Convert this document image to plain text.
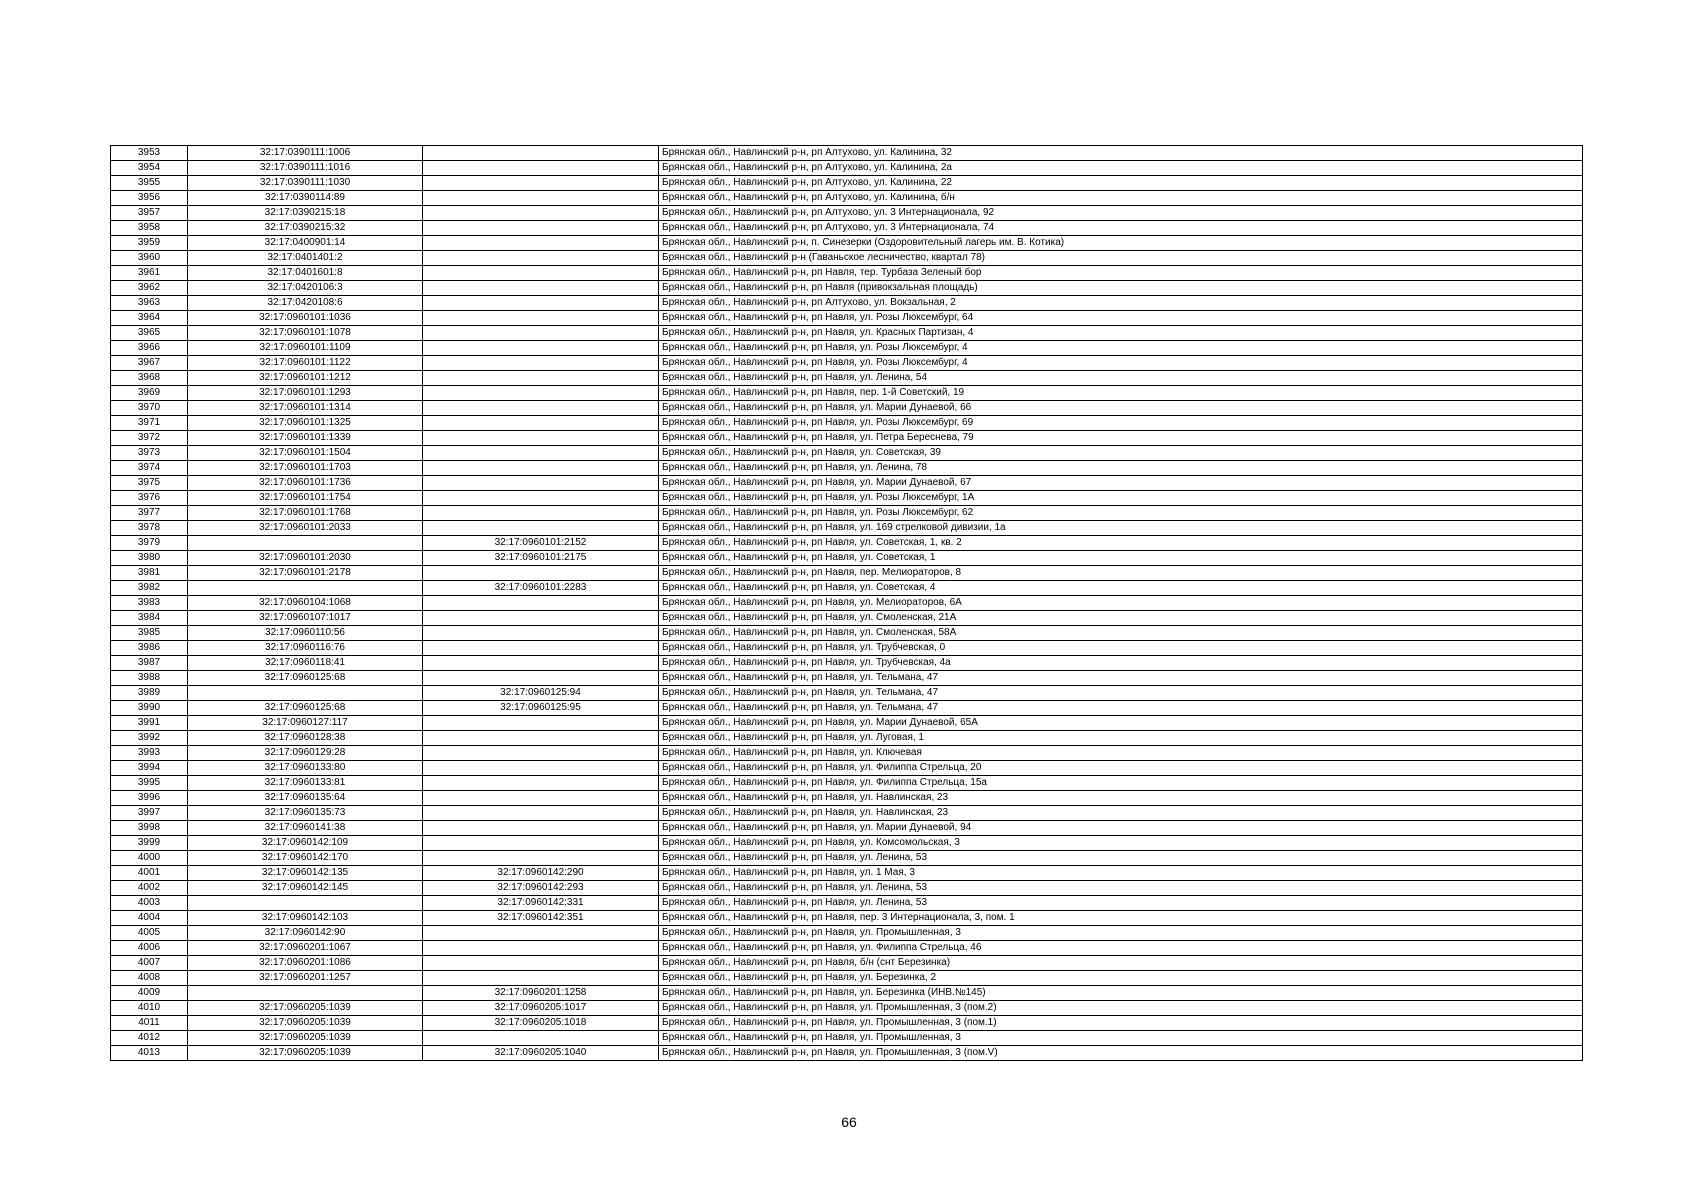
3953	32:17:0390111:1006		Брянская обл., Навлинский р-н, рп Алтухово, ул. Калинина, 32
3954	32:17:0390111:1016		Брянская обл., Навлинский р-н, рп Алтухово, ул. Калинина, 2а
3955	32:17:0390111:1030		Брянская обл., Навлинский р-н, рп Алтухово, ул. Калинина, 22
3956	32:17:0390114:89		Брянская обл., Навлинский р-н, рп Алтухово, ул. Калинина, б/н
3957	32:17:0390215:18		Брянская обл., Навлинский р-н, рп Алтухово, ул. 3 Интернационала, 92
3958	32:17:0390215:32		Брянская обл., Навлинский р-н, рп Алтухово, ул. 3 Интернационала, 74
3959	32:17:0400901:14		Брянская обл., Навлинский р-н, п. Синезерки (Оздоровительный лагерь им. В. Котика)
3960	32:17:0401401:2		Брянская обл., Навлинский р-н (Гаваньское лесничество, квартал 78)
3961	32:17:0401601:8		Брянская обл., Навлинский р-н, рп Навля, тер. Турбаза Зеленый бор
3962	32:17:0420106:3		Брянская обл., Навлинский р-н, рп Навля (привокзальная площадь)
3963	32:17:0420108:6		Брянская обл., Навлинский р-н, рп Алтухово, ул. Вокзальная, 2
3964	32:17:0960101:1036		Брянская обл., Навлинский р-н, рп Навля, ул. Розы Люксембург, 64
3965	32:17:0960101:1078		Брянская обл., Навлинский р-н, рп Навля, ул. Красных Партизан, 4
3966	32:17:0960101:1109		Брянская обл., Навлинский р-н, рп Навля, ул. Розы Люксембург, 4
3967	32:17:0960101:1122		Брянская обл., Навлинский р-н, рп Навля, ул. Розы Люксембург, 4
3968	32:17:0960101:1212		Брянская обл., Навлинский р-н, рп Навля, ул. Ленина, 54
3969	32:17:0960101:1293		Брянская обл., Навлинский р-н, рп Навля, пер. 1-й Советский, 19
3970	32:17:0960101:1314		Брянская обл., Навлинский р-н, рп Навля, ул. Марии Дунаевой, 66
3971	32:17:0960101:1325		Брянская обл., Навлинский р-н, рп Навля, ул. Розы Люксембург, 69
3972	32:17:0960101:1339		Брянская обл., Навлинский р-н, рп Навля, ул. Петра Береснева, 79
3973	32:17:0960101:1504		Брянская обл., Навлинский р-н, рп Навля, ул. Советская, 39
3974	32:17:0960101:1703		Брянская обл., Навлинский р-н, рп Навля, ул. Ленина, 78
3975	32:17:0960101:1736		Брянская обл., Навлинский р-н, рп Навля, ул. Марии Дунаевой, 67
3976	32:17:0960101:1754		Брянская обл., Навлинский р-н, рп Навля, ул. Розы Люксембург, 1А
3977	32:17:0960101:1768		Брянская обл., Навлинский р-н, рп Навля, ул. Розы Люксембург, 62
3978	32:17:0960101:2033		Брянская обл., Навлинский р-н, рп Навля, ул. 169 стрелковой дивизии, 1а
3979		32:17:0960101:2152	Брянская обл., Навлинский р-н, рп Навля, ул. Советская, 1, кв. 2
3980	32:17:0960101:2030	32:17:0960101:2175	Брянская обл., Навлинский р-н, рп Навля, ул. Советская, 1
3981	32:17:0960101:2178		Брянская обл., Навлинский р-н, рп Навля, пер. Мелиораторов, 8
3982		32:17:0960101:2283	Брянская обл., Навлинский р-н, рп Навля, ул. Советская, 4
3983	32:17:0960104:1068		Брянская обл., Навлинский р-н, рп Навля, ул. Мелиораторов, 6А
3984	32:17:0960107:1017		Брянская обл., Навлинский р-н, рп Навля, ул. Смоленская, 21А
3985	32:17:0960110:56		Брянская обл., Навлинский р-н, рп Навля, ул. Смоленская, 58А
3986	32:17:0960116:76		Брянская обл., Навлинский р-н, рп Навля, ул. Трубчевская, 0
3987	32:17:0960118:41		Брянская обл., Навлинский р-н, рп Навля, ул. Трубчевская, 4а
3988	32:17:0960125:68		Брянская обл., Навлинский р-н, рп Навля, ул. Тельмана, 47
3989		32:17:0960125:94	Брянская обл., Навлинский р-н, рп Навля, ул. Тельмана, 47
3990	32:17:0960125:68	32:17:0960125:95	Брянская обл., Навлинский р-н, рп Навля, ул. Тельмана, 47
3991	32:17:0960127:117		Брянская обл., Навлинский р-н, рп Навля, ул. Марии Дунаевой, 65А
3992	32:17:0960128:38		Брянская обл., Навлинский р-н, рп Навля, ул. Луговая, 1
3993	32:17:0960129:28		Брянская обл., Навлинский р-н, рп Навля, ул. Ключевая
3994	32:17:0960133:80		Брянская обл., Навлинский р-н, рп Навля, ул. Филиппа Стрельца, 20
3995	32:17:0960133:81		Брянская обл., Навлинский р-н, рп Навля, ул. Филиппа Стрельца, 15а
3996	32:17:0960135:64		Брянская обл., Навлинский р-н, рп Навля, ул. Навлинская, 23
3997	32:17:0960135:73		Брянская обл., Навлинский р-н, рп Навля, ул. Навлинская, 23
3998	32:17:0960141:38		Брянская обл., Навлинский р-н, рп Навля, ул. Марии Дунаевой, 94
3999	32:17:0960142:109		Брянская обл., Навлинский р-н, рп Навля, ул. Комсомольская, 3
4000	32:17:0960142:170		Брянская обл., Навлинский р-н, рп Навля, ул. Ленина, 53
4001	32:17:0960142:135	32:17:0960142:290	Брянская обл., Навлинский р-н, рп Навля, ул. 1 Мая, 3
4002	32:17:0960142:145	32:17:0960142:293	Брянская обл., Навлинский р-н, рп Навля, ул. Ленина, 53
4003		32:17:0960142:331	Брянская обл., Навлинский р-н, рп Навля, ул. Ленина, 53
4004	32:17:0960142:103	32:17:0960142:351	Брянская обл., Навлинский р-н, рп Навля, пер. 3 Интернационала, 3, пом. 1
4005	32:17:0960142:90		Брянская обл., Навлинский р-н, рп Навля, ул. Промышленная, 3
4006	32:17:0960201:1067		Брянская обл., Навлинский р-н, рп Навля, ул. Филиппа Стрельца, 46
4007	32:17:0960201:1086		Брянская обл., Навлинский р-н, рп Навля, б/н (снт Березинка)
4008	32:17:0960201:1257		Брянская обл., Навлинский р-н, рп Навля, ул. Березинка, 2
4009		32:17:0960201:1258	Брянская обл., Навлинский р-н, рп Навля, ул. Березинка (ИНВ.№145)
4010	32:17:0960205:1039	32:17:0960205:1017	Брянская обл., Навлинский р-н, рп Навля, ул. Промышленная, 3 (пом.2)
4011	32:17:0960205:1039	32:17:0960205:1018	Брянская обл., Навлинский р-н, рп Навля, ул. Промышленная, 3 (пом.1)
4012	32:17:0960205:1039		Брянская обл., Навлинский р-н, рп Навля, ул. Промышленная, 3
4013	32:17:0960205:1039	32:17:0960205:1040	Брянская обл., Навлинский р-н, рп Навля, ул. Промышленная, 3 (пом.V)
66
